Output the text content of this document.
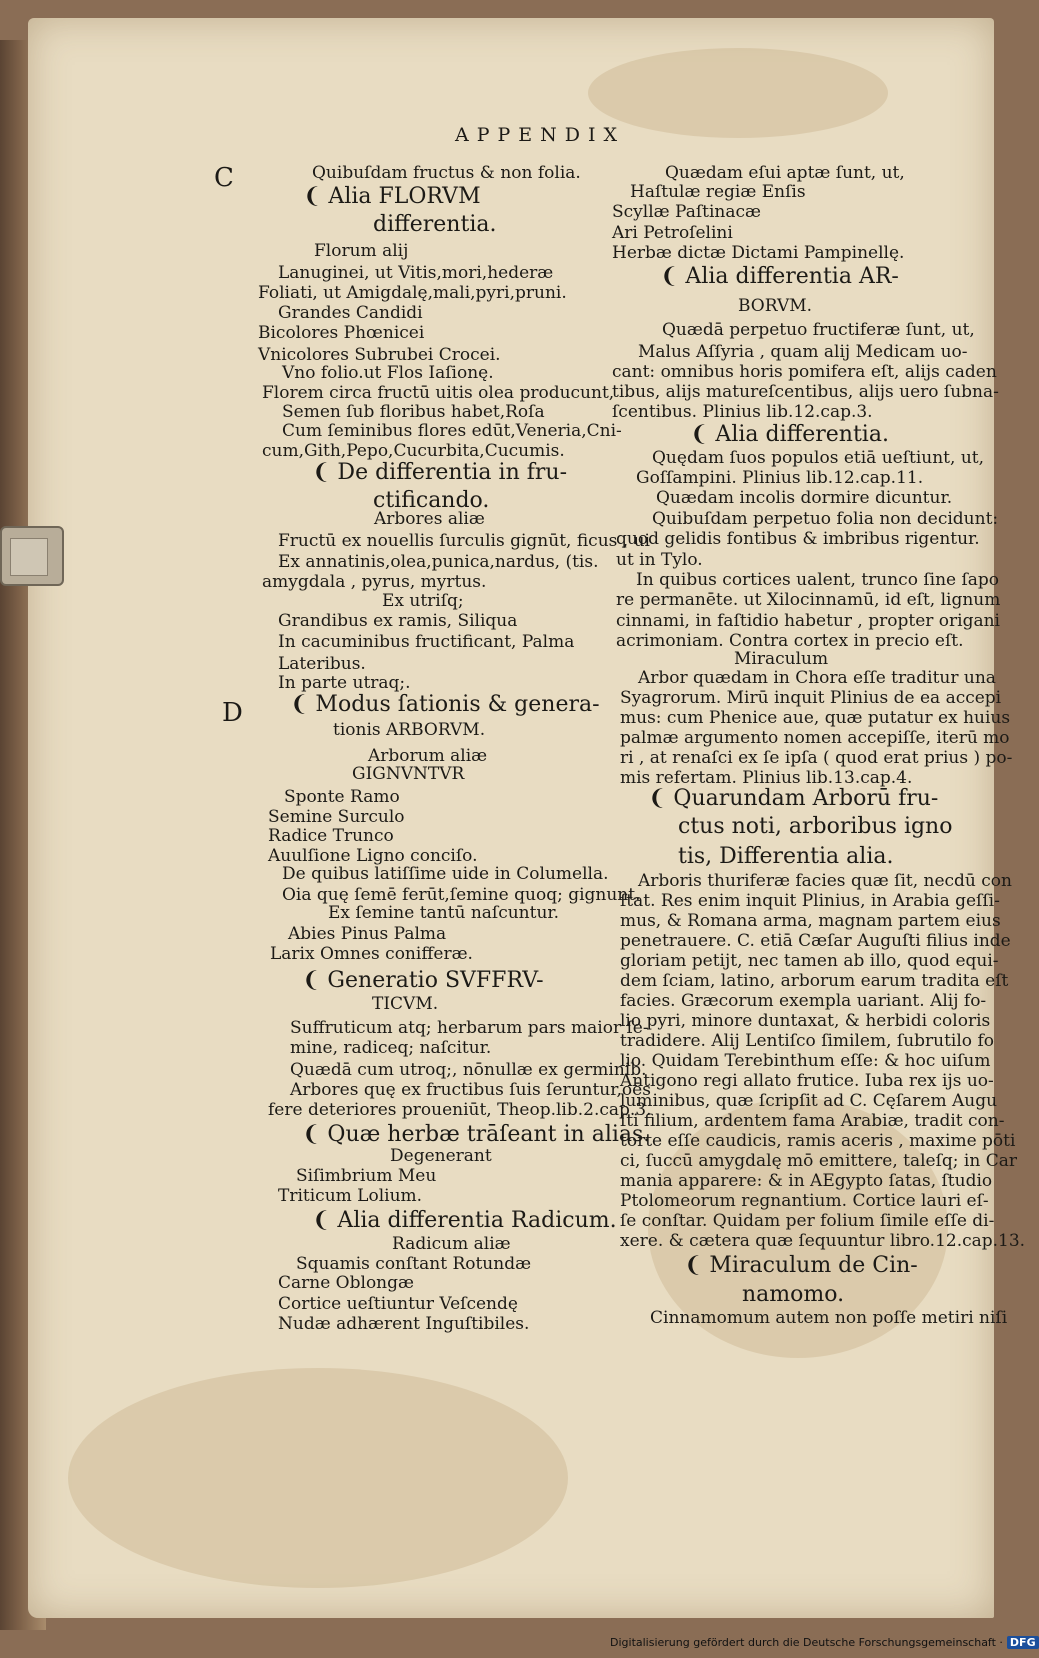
APPENDIX
C
D
Quibuſdam fructus & non folia.
❨ Alia FLORVM
differentia.
Florum alij
Lanuginei, ut Vitis,mori,hederæ
Foliati, ut Amigdalę,mali,pyri,pruni.
Grandes Candidi
Bicolores Phœnicei
Vnicolores Subrubei Crocei.
Vno folio.ut Flos Iaſionę.
Florem circa fructū uitis olea producunt,
Semen ſub floribus habet,Roſa
Cum ſeminibus flores edūt,Veneria,Cni-
cum,Gith,Pepo,Cucurbita,Cucumis.
❨ De differentia in fru-
ctificando.
Arbores aliæ
Fructū ex nouellis ſurculis gignūt, ficus , ui
Ex annatinis,olea,punica,nardus, (tis.
amygdala , pyrus, myrtus.
Ex utriſq;
Grandibus ex ramis, Siliqua
In cacuminibus fructificant, Palma
Lateribus.
In parte utraq;.
❨ Modus ſationis & genera-
tionis ARBORVM.
Arborum aliæ
GIGNVNTVR
Sponte Ramo
Semine Surculo
Radice Trunco
Auulſione Ligno conciſo.
De quibus latiſſime uide in Columella.
Oia quę ſemē ferūt,ſemine quoq; gignunt.
Ex ſemine tantū naſcuntur.
Abies Pinus Palma
Larix Omnes conifferæ.
❨ Generatio SVFFRV-
TICVM.
Suffruticum atq; herbarum pars maior ſe-
mine, radiceq; naſcitur.
Quædā cum utroq;, nōnullæ ex germinib.
Arbores quę ex fructibus ſuis ſeruntur,oēs
fere deteriores proueniūt, Theop.lib.2.cap.3.
❨ Quæ herbæ trāſeant in alias.
Degenerant
Siſimbrium Meu
Triticum Lolium.
❨ Alia differentia Radicum.
Radicum aliæ
Squamis conſtant Rotundæ
Carne Oblongæ
Cortice ueſtiuntur Veſcendę
Nudæ adhærent Inguſtibiles.
Quædam eſui aptæ ſunt, ut,
Haſtulæ regiæ Enſis
Scyllæ Paſtinacæ
Ari Petroſelini
Herbæ dictæ Dictami Pampinellę.
❨ Alia differentia AR-
BORVM.
Quædā perpetuo fructiferæ ſunt, ut,
Malus Aſſyria , quam alij Medicam uo-
cant: omnibus horis pomifera eſt, alijs caden
tibus, alijs matureſcentibus, alijs uero ſubna-
ſcentibus. Plinius lib.12.cap.3.
❨ Alia differentia.
Quędam ſuos populos etiā ueſtiunt, ut,
Goſſampini. Plinius lib.12.cap.11.
Quædam incolis dormire dicuntur.
Quibuſdam perpetuo folia non decidunt:
quod gelidis fontibus & imbribus rigentur.
ut in Tylo.
In quibus cortices ualent, trunco ſine ſapo
re permanēte. ut Xilocinnamū, id eſt, lignum
cinnami, in faſtidio habetur , propter origani
acrimoniam. Contra cortex in precio eſt.
Miraculum
Arbor quædam in Chora eſſe traditur una
Syagrorum. Mirū inquit Plinius de ea accepi
mus: cum Phenice aue, quæ putatur ex huius
palmæ argumento nomen accepiſſe, iterū mo
ri , at renaſci ex ſe ipſa ( quod erat prius ) po-
mis refertam. Plinius lib.13.cap.4.
❨ Quarundam Arborū fru-
ctus noti, arboribus igno
tis, Differentia alia.
Arboris thuriferæ facies quæ ſit, necdū con
ſtat. Res enim inquit Plinius, in Arabia geſſi-
mus, & Romana arma, magnam partem eius
penetrauere. C. etiā Cæſar Auguſti filius inde
gloriam petijt, nec tamen ab illo, quod equi-
dem ſciam, latino, arborum earum tradita eſt
facies. Græcorum exempla uariant. Alij fo-
lio pyri, minore duntaxat, & herbidi coloris
tradidere. Alij Lentiſco ſimilem, ſubrutilo fo
lio. Quidam Terebinthum eſſe: & hoc uiſum
Antigono regi allato frutice. Iuba rex ijs uo-
luminibus, quæ ſcripſit ad C. Cęſarem Augu
ſti filium, ardentem fama Arabiæ, tradit con-
torte eſſe caudicis, ramis aceris , maxime pōti
ci, ſuccū amygdalę mō emittere, taleſq; in Car
mania apparere: & in AEgypto ſatas, ſtudio
Ptolomeorum regnantium. Cortice lauri eſ-
ſe conſtar. Quidam per folium ſimile eſſe di-
xere. & cætera quæ ſequuntur libro.12.cap.13.
❨ Miraculum de Cin-
namomo.
Cinnamomum autem non poſſe metiri niſi
Digitalisierung gefördert durch die Deutsche Forschungsgemeinschaft · DFG
